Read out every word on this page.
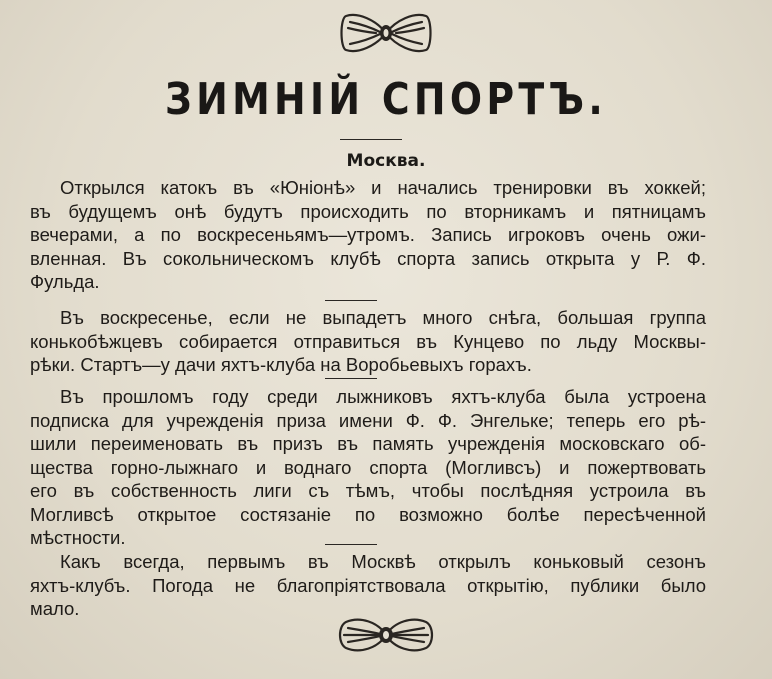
ЗИМНІЙ СПОРТЪ.
Москва.

Открылся катокъ въ «Юніонѣ» и начались тренировки въ хоккей;
въ будущемъ онѣ будутъ происходить по вторникамъ и пятницамъ
вечерами, а по воскресеньямъ—утромъ. Запись игроковъ очень ожи-
вленная. Въ сокольническомъ клубѣ спорта запись открыта у Р. Ф.
Фульда.

Въ воскресенье, если не выпадетъ много снѣга, большая группа
конькобѣжцевъ собирается отправиться въ Кунцево по льду Москвы-
рѣки. Стартъ—у дачи яхтъ-клуба на Воробьевыхъ горахъ.

Въ прошломъ году среди лыжниковъ яхтъ-клуба была устроена
подписка для учрежденія приза имени Ф. Ф. Энгельке; теперь его рѣ-
шили переименовать въ призъ въ память учрежденія московскаго об-
щества горно-лыжнаго и воднаго спорта (Могливсъ) и пожертвовать
его въ собственность лиги съ тѣмъ, чтобы послѣдняя устроила въ
Могливсѣ открытое состязаніе по возможно болѣе пересѣченной
мѣстности.

Какъ всегда, первымъ въ Москвѣ открылъ коньковый сезонъ
яхтъ-клубъ. Погода не благопріятствовала открытію, публики было
мало.
